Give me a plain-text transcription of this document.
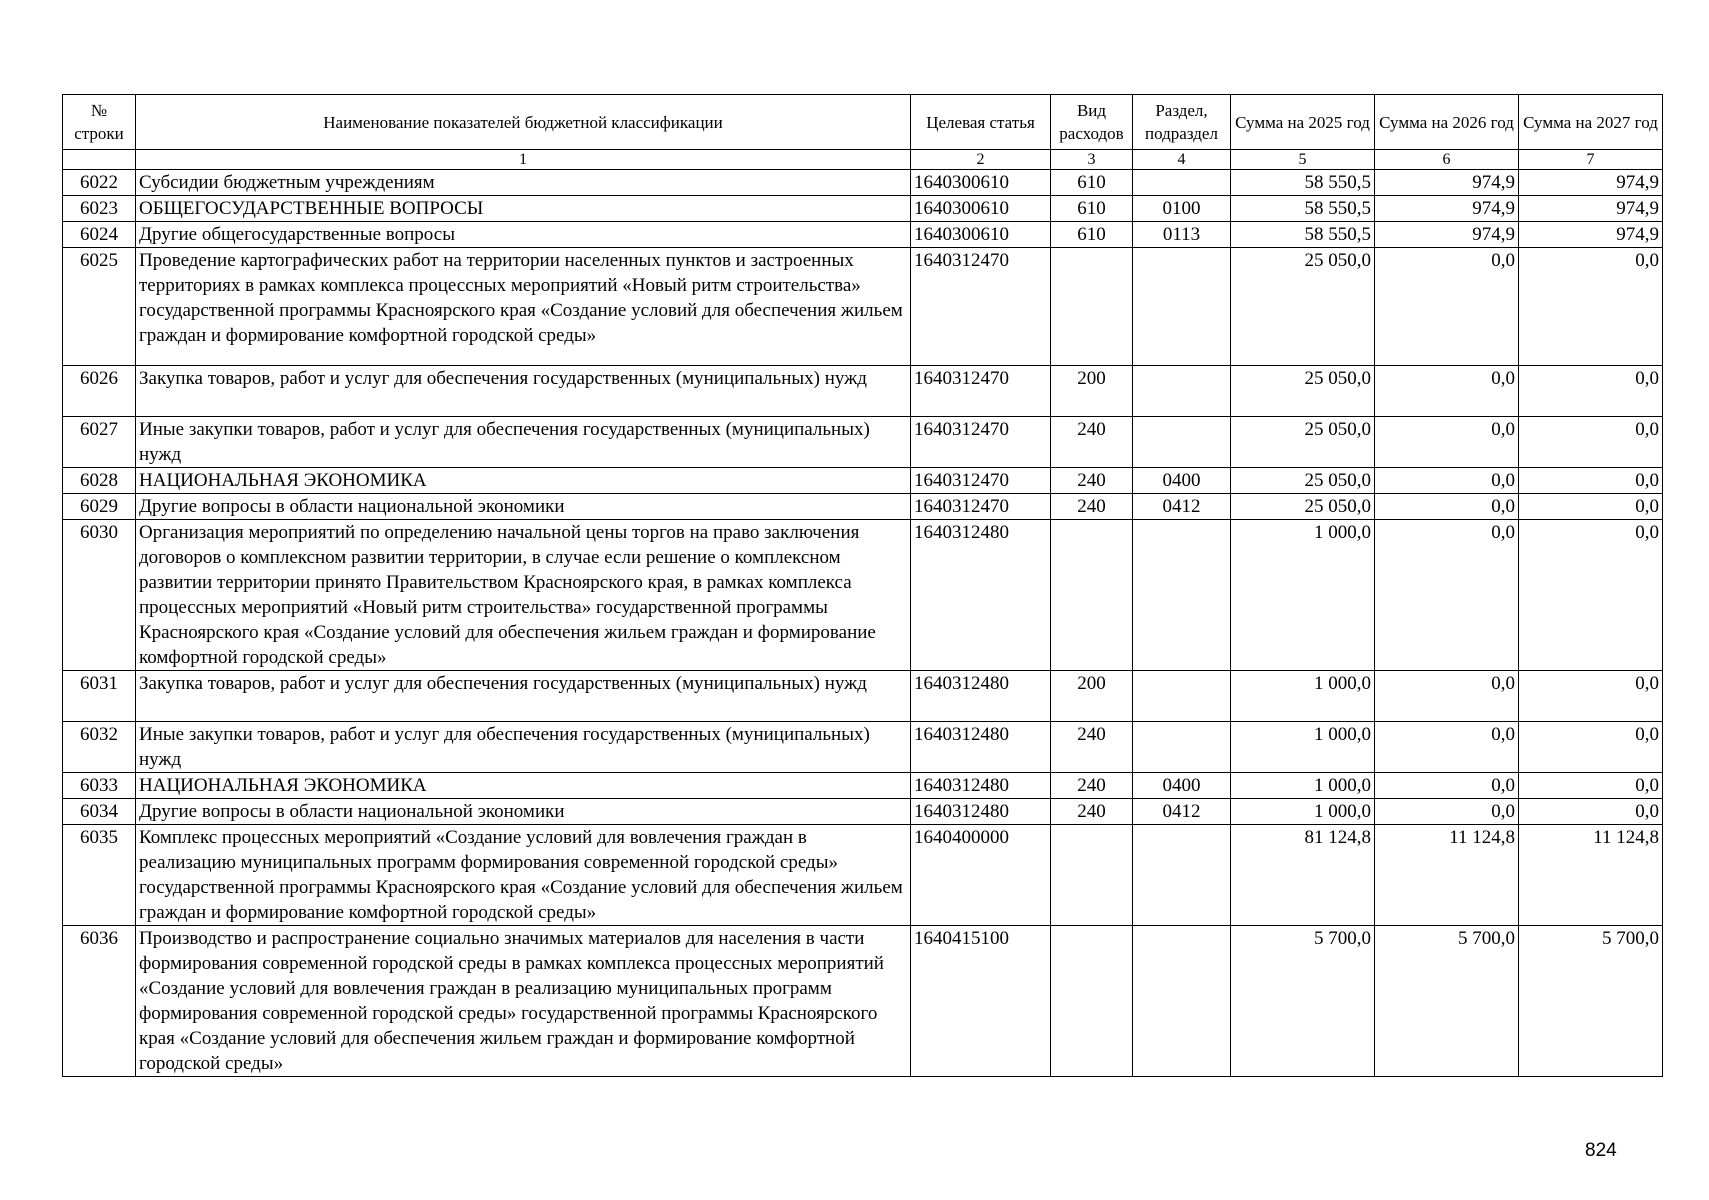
№ строки	Наименование показателей бюджетной классификации	Целевая статья	Вид расходов	Раздел, подраздел	Сумма на 2025 год	Сумма на 2026 год	Сумма на 2027 год
	1	2	3	4	5	6	7
6022	Субсидии бюджетным учреждениям	1640300610	610		58 550,5	974,9	974,9
6023	ОБЩЕГОСУДАРСТВЕННЫЕ ВОПРОСЫ	1640300610	610	0100	58 550,5	974,9	974,9
6024	Другие общегосударственные вопросы	1640300610	610	0113	58 550,5	974,9	974,9
6025	Проведение картографических работ на территории населенных пунктов и застроенных территориях в рамках комплекса процессных мероприятий «Новый ритм строительства» государственной программы Красноярского края «Создание условий для обеспечения жильем граждан и формирование комфортной городской среды»	1640312470			25 050,0	0,0	0,0
6026	Закупка товаров, работ и услуг для обеспечения государственных (муниципальных) нужд	1640312470	200		25 050,0	0,0	0,0
6027	Иные закупки товаров, работ и услуг для обеспечения государственных (муниципальных) нужд	1640312470	240		25 050,0	0,0	0,0
6028	НАЦИОНАЛЬНАЯ ЭКОНОМИКА	1640312470	240	0400	25 050,0	0,0	0,0
6029	Другие вопросы в области национальной экономики	1640312470	240	0412	25 050,0	0,0	0,0
6030	Организация мероприятий по определению начальной цены торгов на право заключения договоров о комплексном развитии территории, в случае если решение о комплексном развитии территории принято Правительством Красноярского края, в рамках комплекса процессных мероприятий «Новый ритм строительства» государственной программы Красноярского края «Создание условий для обеспечения жильем граждан и формирование комфортной городской среды»	1640312480			1 000,0	0,0	0,0
6031	Закупка товаров, работ и услуг для обеспечения государственных (муниципальных) нужд	1640312480	200		1 000,0	0,0	0,0
6032	Иные закупки товаров, работ и услуг для обеспечения государственных (муниципальных) нужд	1640312480	240		1 000,0	0,0	0,0
6033	НАЦИОНАЛЬНАЯ ЭКОНОМИКА	1640312480	240	0400	1 000,0	0,0	0,0
6034	Другие вопросы в области национальной экономики	1640312480	240	0412	1 000,0	0,0	0,0
6035	Комплекс процессных мероприятий «Создание условий для вовлечения граждан в реализацию муниципальных программ формирования современной городской среды» государственной программы Красноярского края «Создание условий для обеспечения жильем граждан и формирование комфортной городской среды»	1640400000			81 124,8	11 124,8	11 124,8
6036	Производство и распространение социально значимых материалов для населения в части формирования современной городской среды в рамках комплекса процессных мероприятий «Создание условий для вовлечения граждан в реализацию муниципальных программ формирования современной городской среды» государственной программы Красноярского края «Создание условий для обеспечения жильем граждан и формирование комфортной городской среды»	1640415100			5 700,0	5 700,0	5 700,0
824
